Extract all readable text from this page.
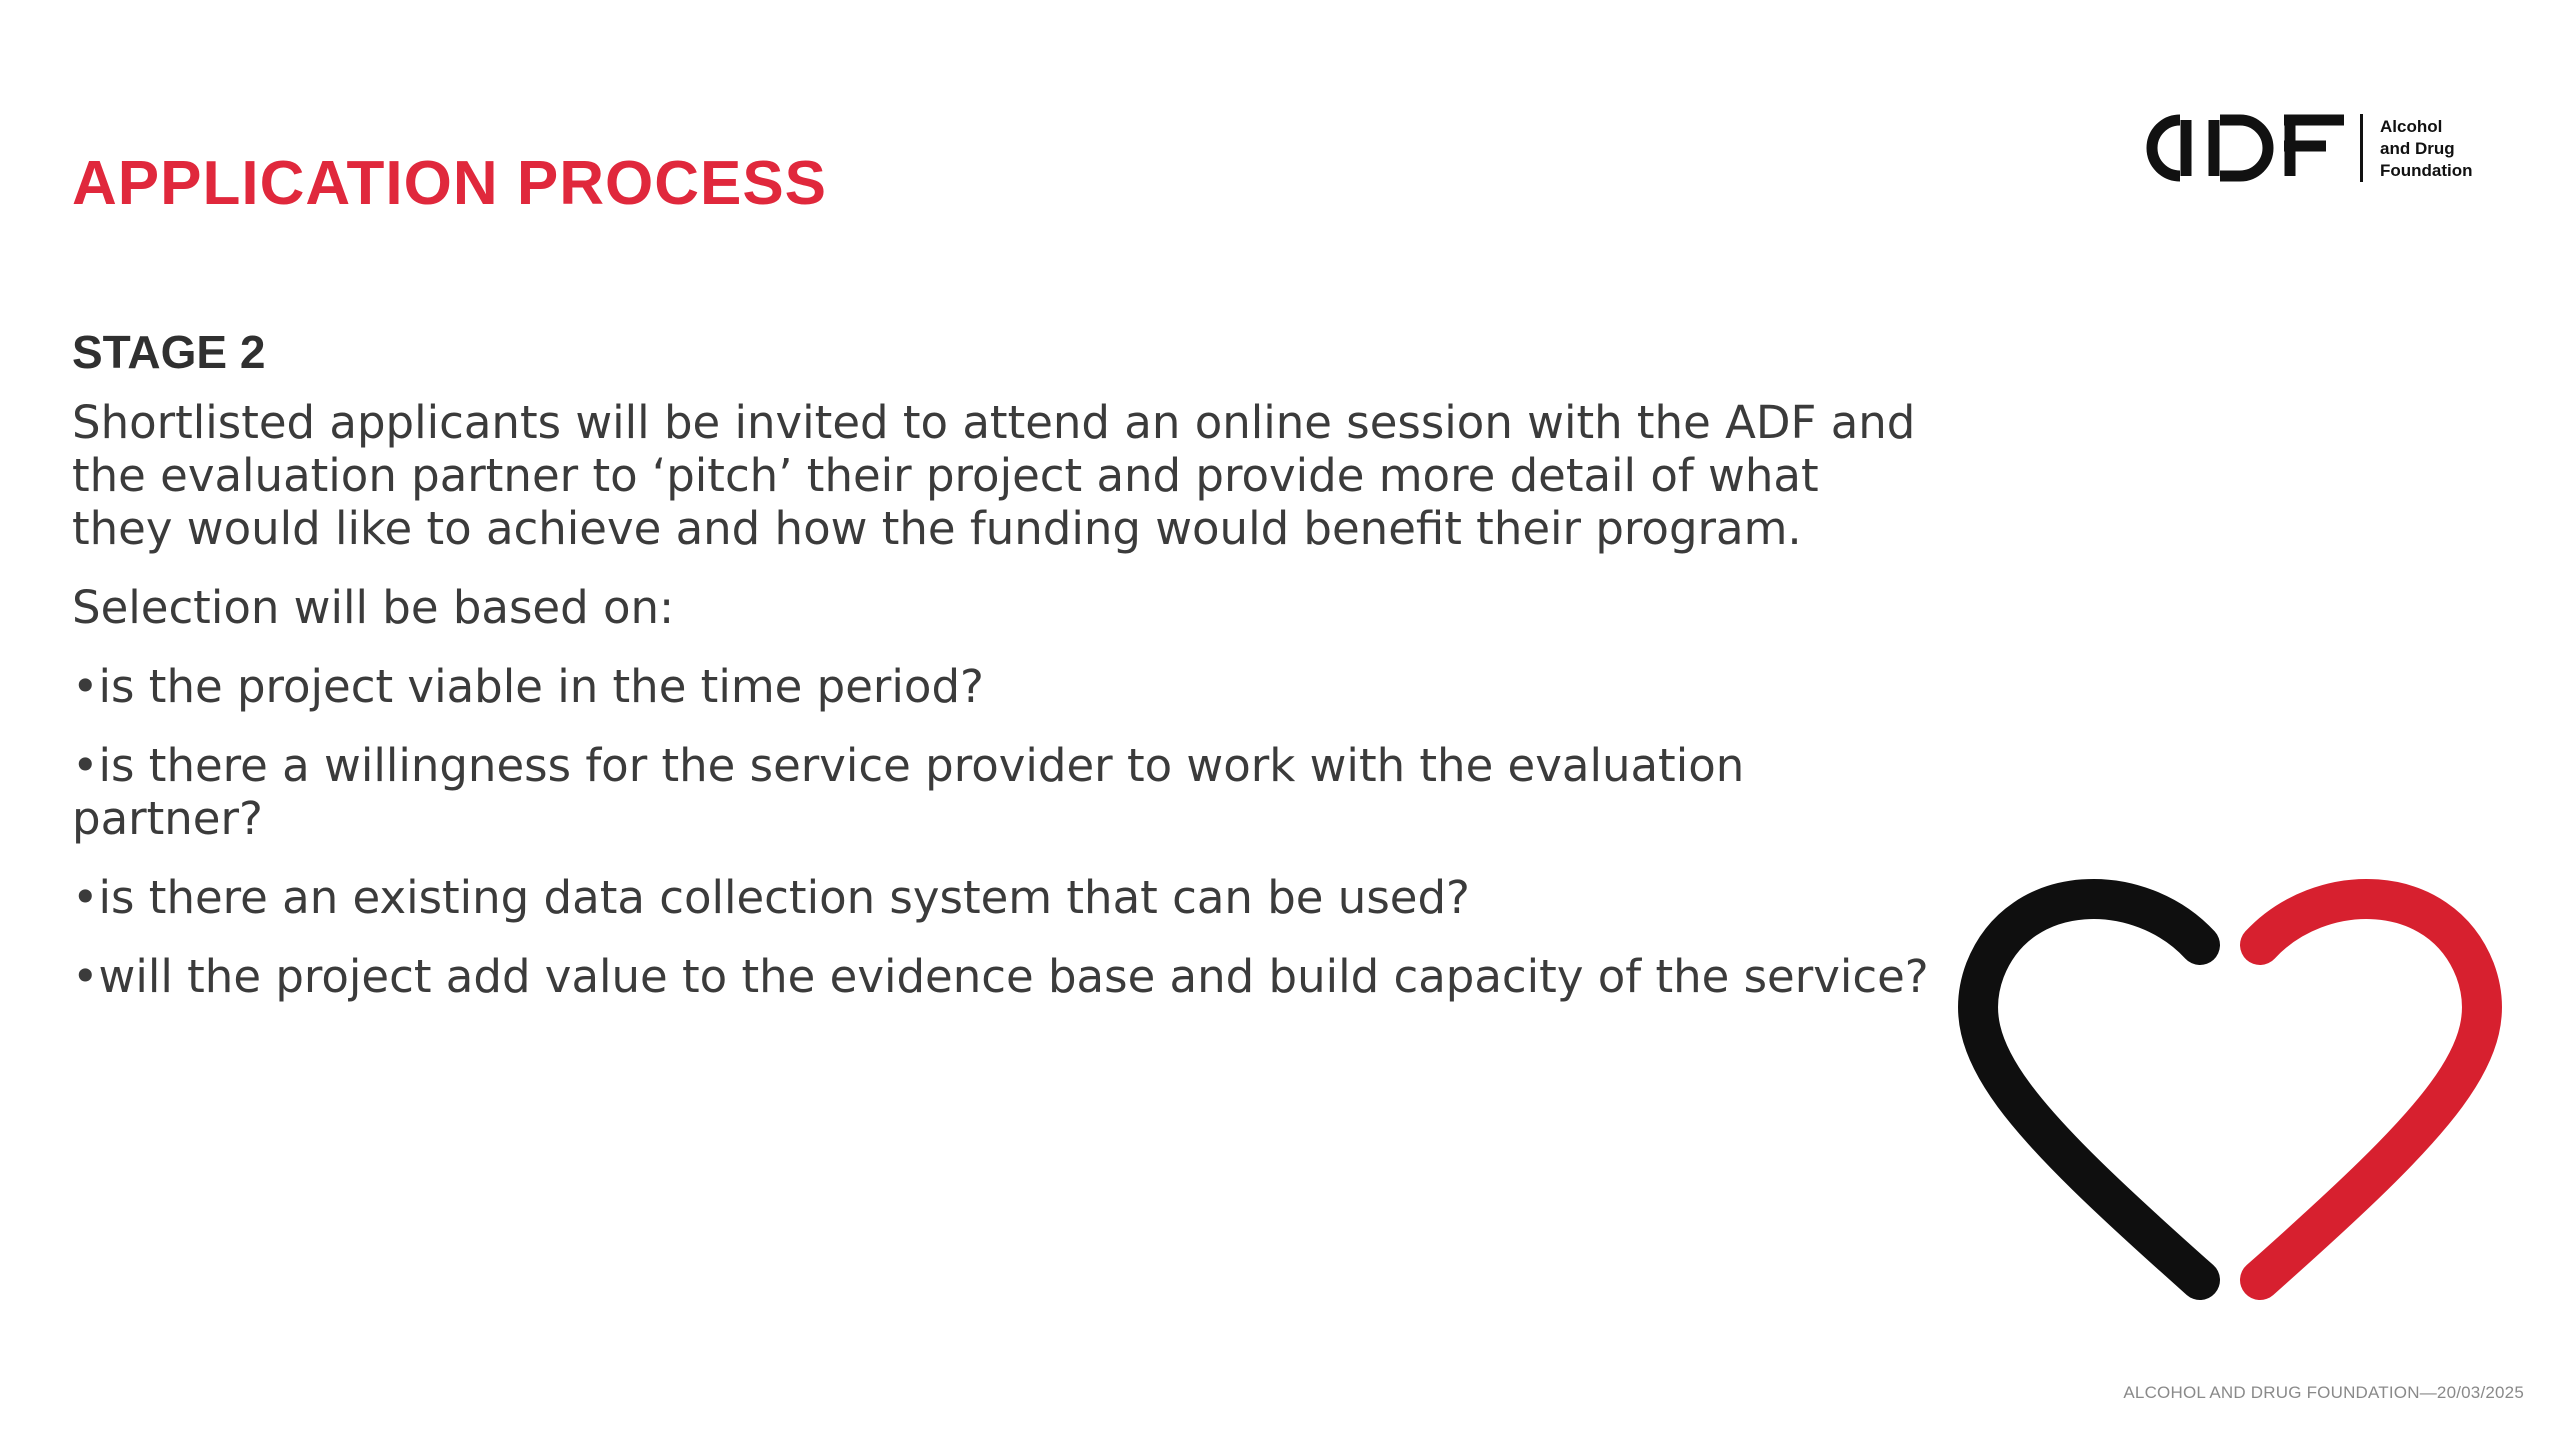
APPLICATION PROCESS
Alcohol
and Drug
Foundation
STAGE 2

Shortlisted applicants will be invited to attend an online session with the ADF and the evaluation partner to ‘pitch’ their project and provide more detail of what they would like to achieve and how the funding would benefit their program.

Selection will be based on:

•is the project viable in the time period?

•is there a willingness for the service provider to work with the evaluation partner?

•is there an existing data collection system that can be used?

•will the project add value to the evidence base and build capacity of the service?

ALCOHOL AND DRUG FOUNDATION—20/03/2025
